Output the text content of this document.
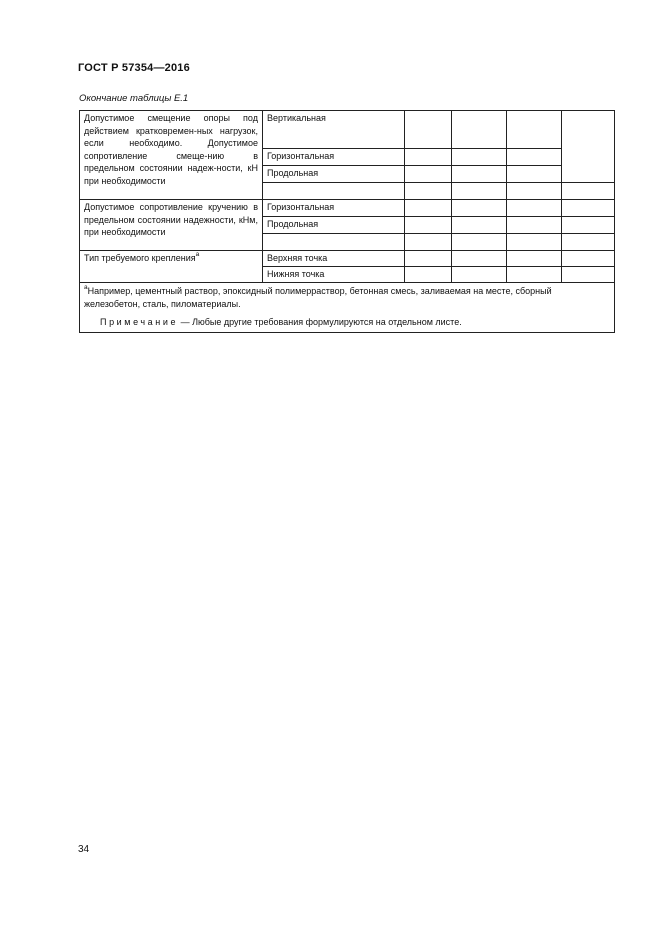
ГОСТ Р 57354—2016
Окончание таблицы Е.1
Допустимое смещение опоры под действием кратковремен-ных нагрузок, если необходимо. Допустимое сопротивление смеще-нию в предельном состоянии надеж-ности, кН при необходимости	Вертикальная				
	Горизонтальная				
	Продольная				

Допустимое сопротивление кручению в предельном состоянии надежности, кНм, при необходимости	Горизонтальная				
	Продольная				

Тип требуемого крепления$^а$	Верхняя точка				
	Нижняя точка				

$^а$Например, цементный раствор, эпоксидный полимерраствор, бетонная смесь, заливаемая на месте, сборный железобетон, сталь, пиломатериалы.
Примечание — Любые другие требования формулируются на отдельном листе.					
34
